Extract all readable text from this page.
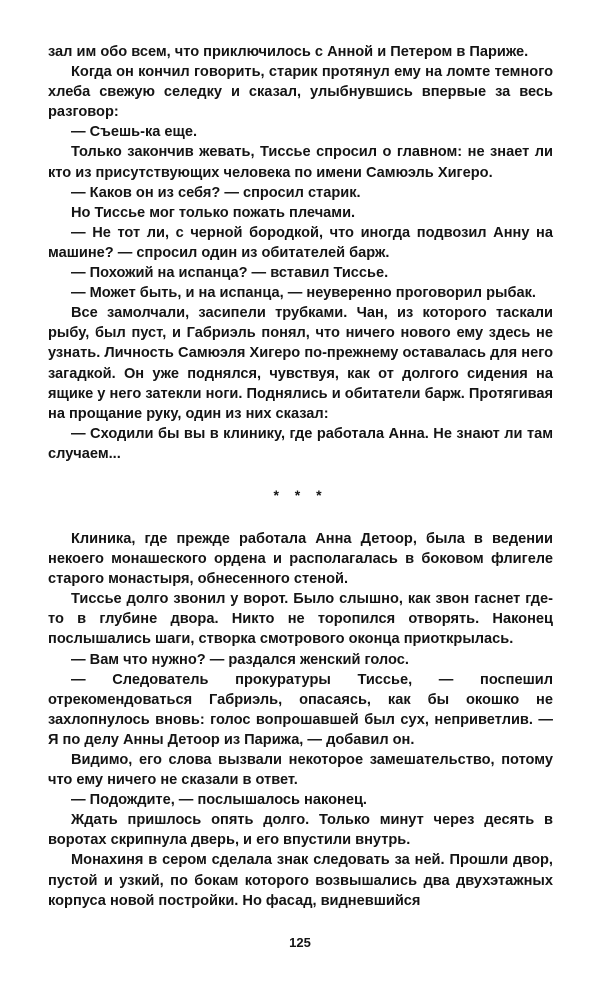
зал им обо всем, что приключилось с Анной и Петером в Париже.

Когда он кончил говорить, старик протянул ему на ломте темного хлеба свежую селедку и сказал, улыбнувшись впервые за весь разговор:

— Съешь-ка еще.

Только закончив жевать, Тиссье спросил о главном: не знает ли кто из присутствующих человека по имени Самюэль Хигеро.

— Каков он из себя? — спросил старик.

Но Тиссье мог только пожать плечами.

— Не тот ли, с черной бородкой, что иногда подвозил Анну на машине? — спросил один из обитателей барж.

— Похожий на испанца? — вставил Тиссье.

— Может быть, и на испанца, — неуверенно проговорил рыбак.

Все замолчали, засипели трубками. Чан, из которого таскали рыбу, был пуст, и Габриэль понял, что ничего нового ему здесь не узнать. Личность Самюэля Хигеро по-прежнему оставалась для него загадкой. Он уже поднялся, чувствуя, как от долгого сидения на ящике у него затекли ноги. Поднялись и обитатели барж. Протягивая на прощание руку, один из них сказал:

— Сходили бы вы в клинику, где работала Анна. Не знают ли там случаем...

* * *

Клиника, где прежде работала Анна Детоор, была в ведении некоего монашеского ордена и располагалась в боковом флигеле старого монастыря, обнесенного стеной.

Тиссье долго звонил у ворот. Было слышно, как звон гаснет где-то в глубине двора. Никто не торопился отворять. Наконец послышались шаги, створка смотрового оконца приоткрылась.

— Вам что нужно? — раздался женский голос.

— Следователь прокуратуры Тиссье, — поспешил отрекомендоваться Габриэль, опасаясь, как бы окошко не захлопнулось вновь: голос вопрошавшей был сух, неприветлив. — Я по делу Анны Детоор из Парижа, — добавил он.

Видимо, его слова вызвали некоторое замешательство, потому что ему ничего не сказали в ответ.

— Подождите, — послышалось наконец.

Ждать пришлось опять долго. Только минут через десять в воротах скрипнула дверь, и его впустили внутрь.

Монахиня в сером сделала знак следовать за ней. Прошли двор, пустой и узкий, по бокам которого возвышались два двухэтажных корпуса новой постройки. Но фасад, видневшийся

125
